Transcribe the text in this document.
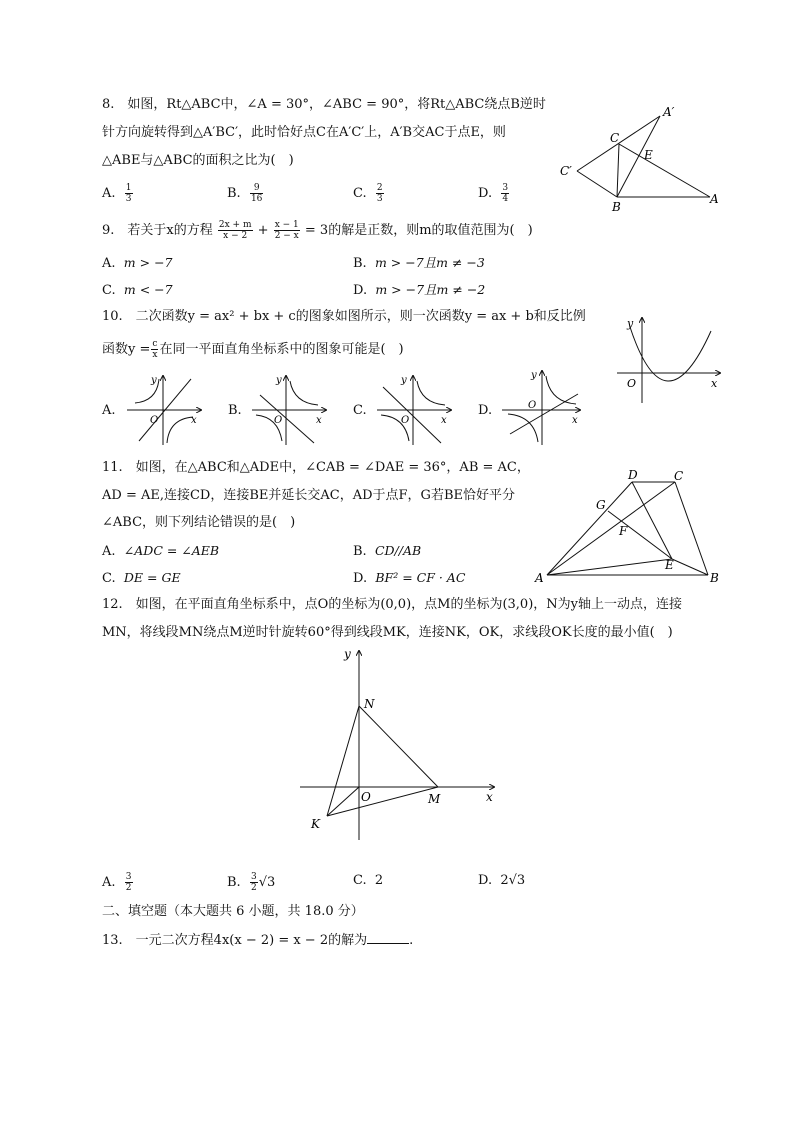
8.　如图，Rt△ABC中，∠A = 30°，∠ABC = 90°，将Rt△ABC绕点B逆时
针方向旋转得到△A′BC′，此时恰好点C在A′C′上，A′B交AC于点E，则
△ABE与△ABC的面积之比为(　)
A. $\frac{1}{3}$	B. $\frac{9}{16}$	C. $\frac{2}{3}$	D. $\frac{3}{4}$
C
A′
E
C′
B
A
9.　若关于x的方程 $\frac{2x + m}{x - 2} + \frac{x - 1}{2 - x} = 3$的解是正数，则m的取值范围为(　)
A. m > −7	B. m > −7且m ≠ −3
C. m < −7	D. m > −7且m ≠ −2
10.　二次函数y = ax² + bx + c的图象如图所示，则一次函数y = ax + b和反比例
函数$y = \frac{c}{x}$ 在同一平面直角坐标系中的图象可能是(　)
y
x
O
A.
y
x
O
B.
y
x
O
C.
y
x
O
D.
y
x
O
11.　如图，在△ABC和△ADE中，∠CAB = ∠DAE = 36°，AB = AC，
AD = AE,连接CD，连接BE并延长交AC，AD于点F，G若BE恰好平分
∠ABC，则下列结论错误的是(　)
A. ∠ADC = ∠AEB	B. CD//AB
C. DE = GE	D. BF² = CF · AC	A	B
C
D
E
F
G
12.　如图，在平面直角坐标系中，点O的坐标为(0,0)，点M的坐标为(3,0)，N为y轴上一动点，连接
MN，将线段MN绕点M逆时针旋转60°得到线段MK，连接NK，OK，求线段OK长度的最小值(　)
y
x
N
O	M
K
A. $\frac{3}{2}$	B. $\frac{3}{2} √3$	C. 2	D. 2√3
二、填空题（本大题共 6 小题，共 18.0 分）
13.　一元二次方程4x(x − 2) = x − 2的解为	.
